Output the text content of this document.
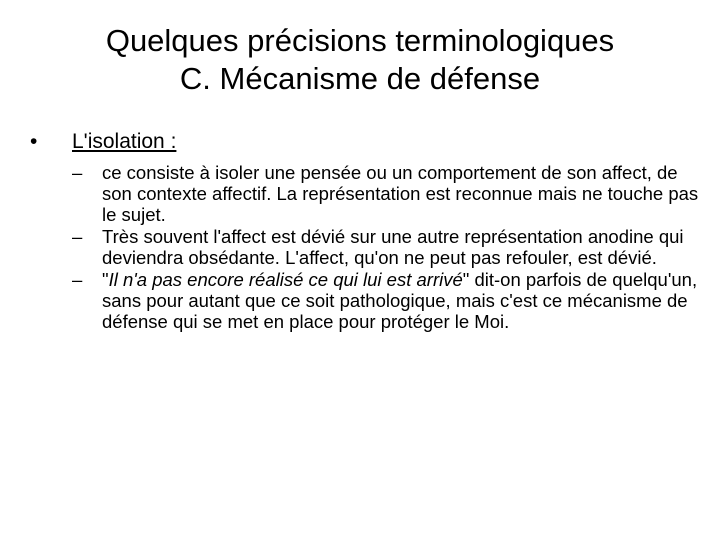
Quelques précisions terminologiques
C. Mécanisme de défense
• L'isolation :
– ce consiste à isoler une pensée ou un comportement de son affect, de son contexte affectif. La représentation est reconnue mais ne touche pas le sujet.
– Très souvent l'affect est dévié sur une autre représentation anodine qui deviendra obsédante. L'affect, qu'on ne peut pas refouler, est dévié.
– "Il n'a pas encore réalisé ce qui lui est arrivé" dit-on parfois de quelqu'un, sans pour autant que ce soit pathologique, mais c'est ce mécanisme de défense qui se met en place pour protéger le Moi.
